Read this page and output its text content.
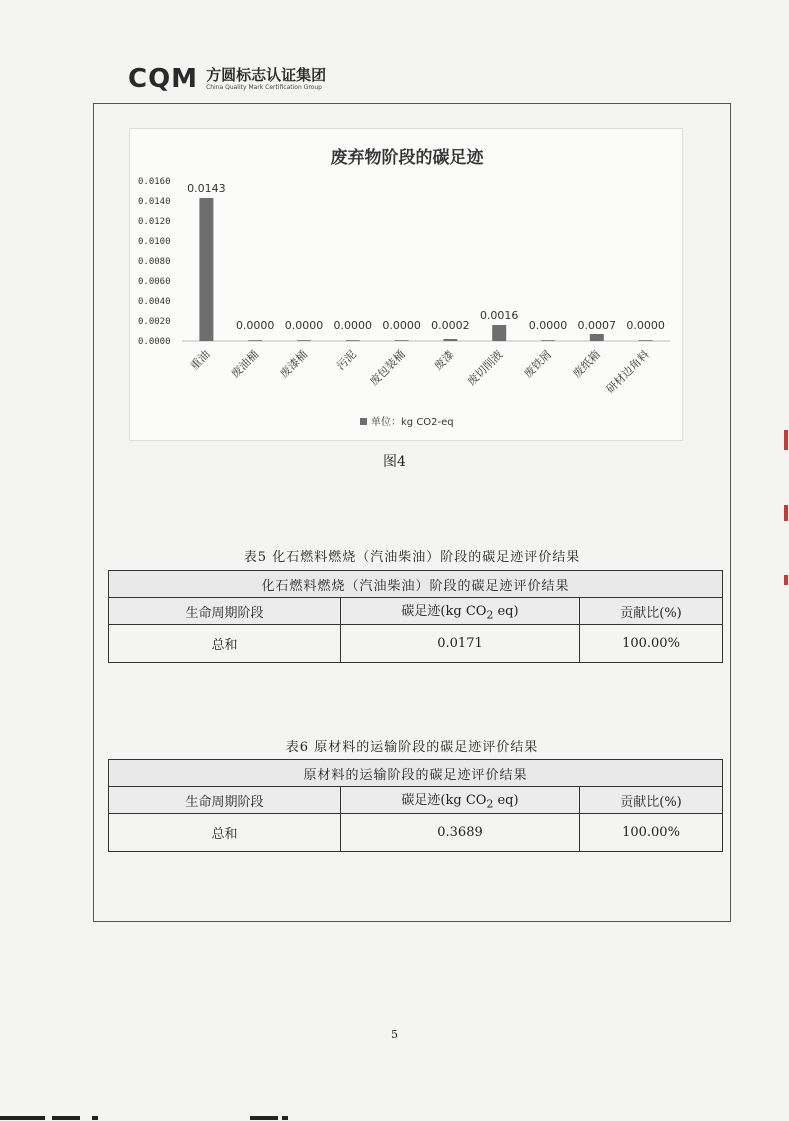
CQM 方圆标志认证集团
China Quality Mark Certification Group
废弃物阶段的碳足迹
0.0000
0.0020
0.0040
0.0060
0.0080
0.0100
0.0120
0.0140
0.0160 0.0143
重油
0.0000
废油桶
0.0000
废漆桶
0.0000
污泥
0.0000
废包装桶
0.0002
废漆
0.0016
废切削液
0.0000
废铁屑
0.0007
废纸箱
0.0000
研材边角料
单位：kg CO2-eq
图4
表5 化石燃料燃烧（汽油柴油）阶段的碳足迹评价结果
化石燃料燃烧（汽油柴油）阶段的碳足迹评价结果		
生命周期阶段	碳足迹(kg $CO_2$ eq)	贡献比(%)
总和	0.0171	100.00%
表6 原材料的运输阶段的碳足迹评价结果
原材料的运输阶段的碳足迹评价结果		
生命周期阶段	碳足迹(kg $CO_2$ eq)	贡献比(%)
总和	0.3689	100.00%
5
